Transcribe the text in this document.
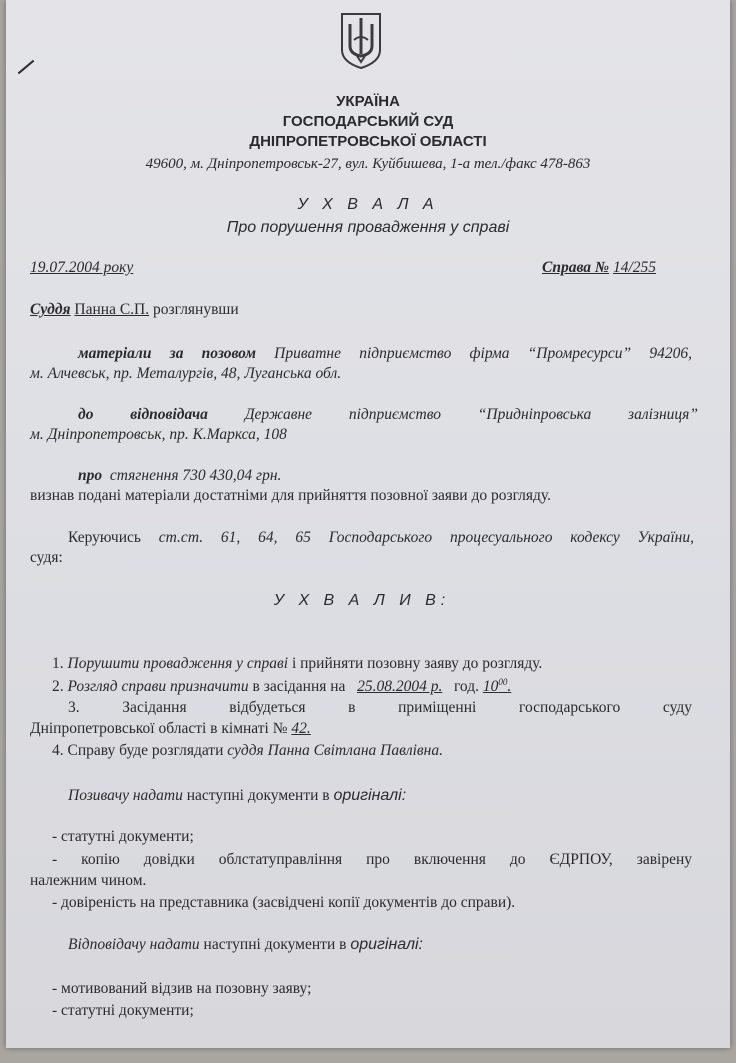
УКРАЇНА
ГОСПОДАРСЬКИЙ СУД
ДНІПРОПЕТРОВСЬКОЇ ОБЛАСТІ
49600, м. Дніпропетровськ-27, вул. Куйбишева, 1-а тел./факс 478-863
У Х В А Л А
Про порушення провадження у справі
19.07.2004 року	Справа № 14/255
Суддя Панна С.П. розглянувши
матеріали за позовом Приватне підприємство фірма “Промресурси” 94206,
м. Алчевськ, пр. Металургів, 48, Луганська обл.
до відповідача Державне підприємство “Придніпровська залізниця”
м. Дніпропетровськ, пр. К.Маркса, 108
про стягнення 730 430,04 грн.
визнав подані матеріали достатніми для прийняття позовної заяви до розгляду.
Керуючись ст.ст. 61, 64, 65 Господарського процесуального кодексу України,
судя:
У Х В А Л И В:
1. Порушити провадження у справі і прийняти позовну заяву до розгляду.
2. Розгляд справи призначити в засідання на 25.08.2004 р. год. $10^{00}$.
3. Засідання відбудеться в приміщенні господарського суду
Дніпропетровської області в кімнаті № 42.
4. Справу буде розглядати суддя Панна Світлана Павлівна.
Позивачу надати наступні документи в оригіналі:
- статутні документи;
- копію довідки облстатуправління про включення до ЄДРПОУ, завірену
належним чином.
- довіреність на представника (засвідчені копії документів до справи).
Відповідачу надати наступні документи в оригіналі:
- мотивований відзив на позовну заяву;
- статутні документи;
